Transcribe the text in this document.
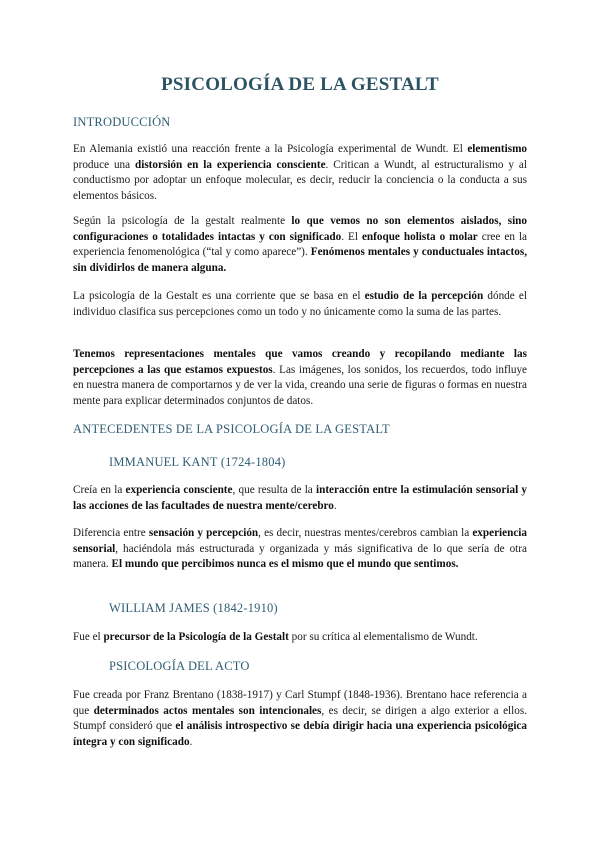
PSICOLOGÍA DE LA GESTALT
INTRODUCCIÓN

En Alemania existió una reacción frente a la Psicología experimental de Wundt. El elementismo produce una distorsión en la experiencia consciente. Critican a Wundt, al estructuralismo y al conductismo por adoptar un enfoque molecular, es decir, reducir la conciencia o la conducta a sus elementos básicos.

Según la psicología de la gestalt realmente lo que vemos no son elementos aislados, sino configuraciones o totalidades intactas y con significado. El enfoque holista o molar cree en la experiencia fenomenológica (“tal y como aparece”). Fenómenos mentales y conductuales intactos, sin dividirlos de manera alguna.

La psicología de la Gestalt es una corriente que se basa en el estudio de la percepción dónde el individuo clasifica sus percepciones como un todo y no únicamente como la suma de las partes.

Tenemos representaciones mentales que vamos creando y recopilando mediante las percepciones a las que estamos expuestos. Las imágenes, los sonidos, los recuerdos, todo influye en nuestra manera de comportarnos y de ver la vida, creando una serie de figuras o formas en nuestra mente para explicar determinados conjuntos de datos.

ANTECEDENTES DE LA PSICOLOGÍA DE LA GESTALT
IMMANUEL KANT (1724-1804)

Creía en la experiencia consciente, que resulta de la interacción entre la estimulación sensorial y las acciones de las facultades de nuestra mente/cerebro.

Diferencia entre sensación y percepción, es decir, nuestras mentes/cerebros cambian la experiencia sensorial, haciéndola más estructurada y organizada y más significativa de lo que sería de otra manera. El mundo que percibimos nunca es el mismo que el mundo que sentimos.

WILLIAM JAMES (1842-1910)

Fue el precursor de la Psicología de la Gestalt por su crítica al elementalismo de Wundt.

PSICOLOGÍA DEL ACTO

Fue creada por Franz Brentano (1838-1917) y Carl Stumpf (1848-1936). Brentano hace referencia a que determinados actos mentales son intencionales, es decir, se dirigen a algo exterior a ellos. Stumpf consideró que el análisis introspectivo se debía dirigir hacia una experiencia psicológica íntegra y con significado.
